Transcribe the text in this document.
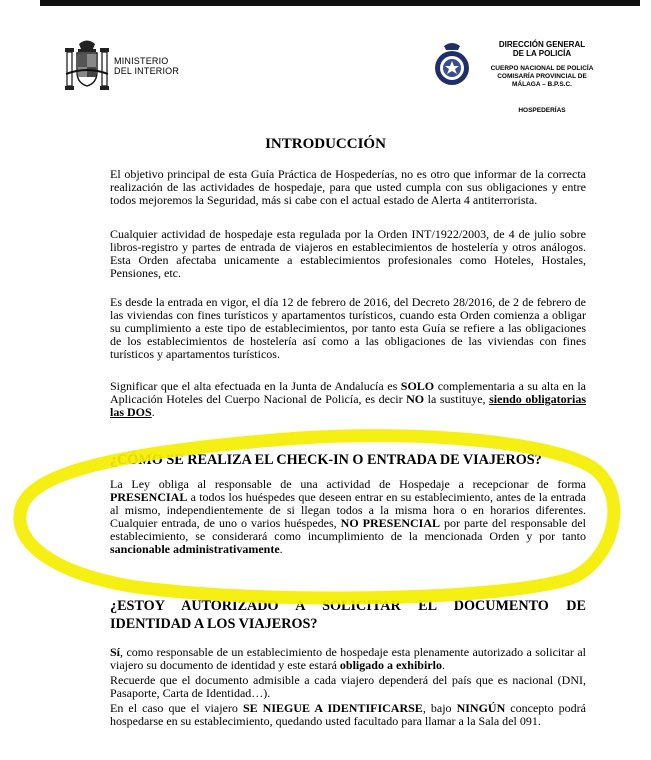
MINISTERIO
DEL INTERIOR
DIRECCIÓN GENERAL
DE LA POLICÍA
CUERPO NACIONAL DE POLICÍA
COMISARÍA PROVINCIAL DE
MÁLAGA – B.P.S.C.
HOSPEDERÍAS
INTRODUCCIÓN

El objetivo principal de esta Guía Práctica de Hospederías, no es otro que informar de la correcta realización de las actividades de hospedaje, para que usted cumpla con sus obligaciones y entre todos mejoremos la Seguridad, más si cabe con el actual estado de Alerta 4 antiterrorista.

Cualquier actividad de hospedaje esta regulada por la Orden INT/1922/2003, de 4 de julio sobre libros-registro y partes de entrada de viajeros en establecimientos de hostelería y otros análogos. Esta Orden afectaba unicamente a establecimientos profesionales como Hoteles, Hostales, Pensiones, etc.

Es desde la entrada en vigor, el día 12 de febrero de 2016, del Decreto 28/2016, de 2 de febrero de las viviendas con fines turísticos y apartamentos turísticos, cuando esta Orden comienza a obligar su cumplimiento a este tipo de establecimientos, por tanto esta Guía se refiere a las obligaciones de los establecimientos de hostelería así como a las obligaciones de las viviendas con fines turísticos y apartamentos turísticos.

Significar que el alta efectuada en la Junta de Andalucía es SOLO complementaria a su alta en la Aplicación Hoteles del Cuerpo Nacional de Policía, es decir NO la sustituye, siendo obligatorias las DOS.

¿CÓMO SE REALIZA EL CHECK-IN O ENTRADA DE VIAJEROS?

La Ley obliga al responsable de una actividad de Hospedaje a recepcionar de forma PRESENCIAL a todos los huéspedes que deseen entrar en su establecimiento, antes de la entrada al mismo, independientemente de si llegan todos a la misma hora o en horarios diferentes. Cualquier entrada, de uno o varios huéspedes, NO PRESENCIAL por parte del responsable del establecimiento, se considerará como incumplimiento de la mencionada Orden y por tanto sancionable administrativamente.

¿ESTOY AUTORIZADO A SOLICITAR EL DOCUMENTO DE
IDENTIDAD A LOS VIAJEROS?

Sí, como responsable de un establecimiento de hospedaje esta plenamente autorizado a solicitar al viajero su documento de identidad y este estará obligado a exhibirlo.

Recuerde que el documento admisible a cada viajero dependerá del país que es nacional (DNI, Pasaporte, Carta de Identidad…).

En el caso que el viajero SE NIEGUE A IDENTIFICARSE, bajo NINGÚN concepto podrá hospedarse en su establecimiento, quedando usted facultado para llamar a la Sala del 091.
